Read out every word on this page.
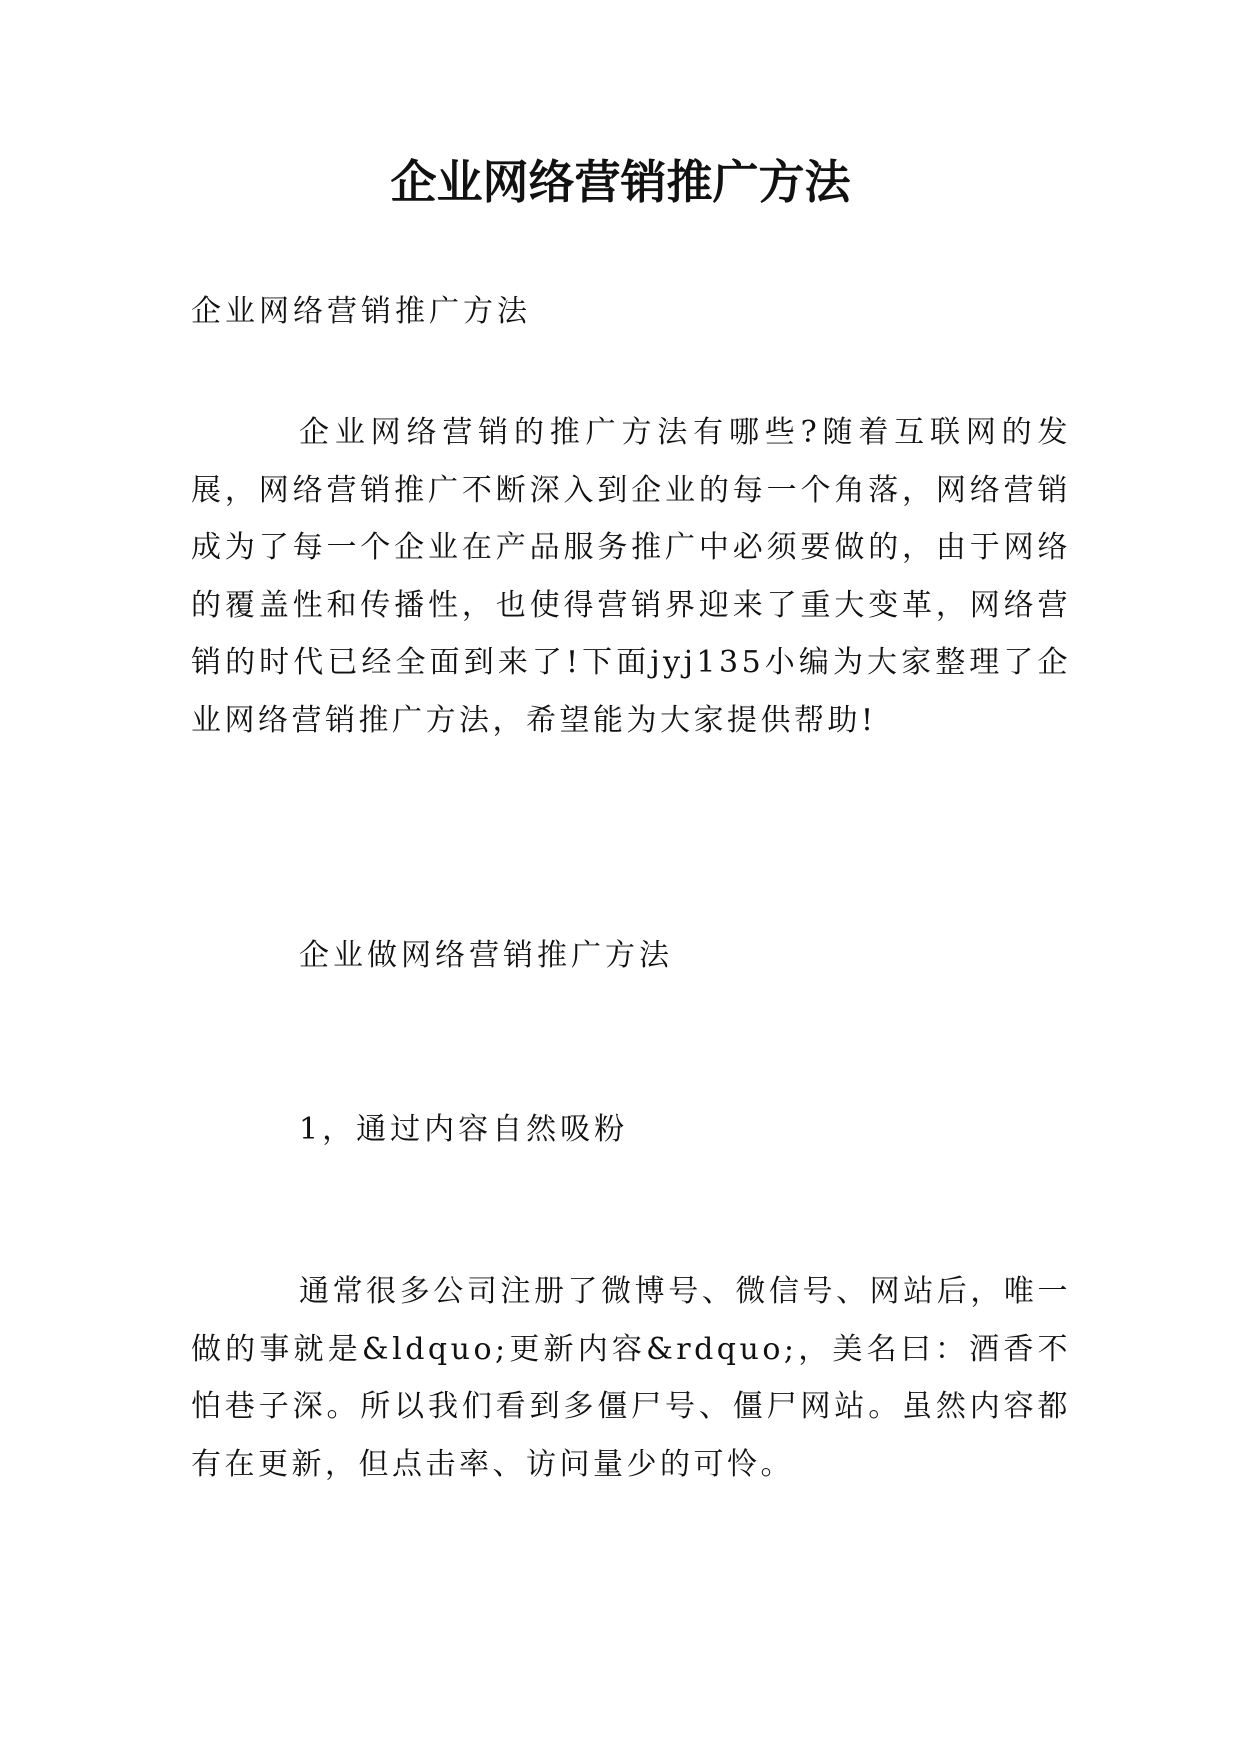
企业网络营销推广方法

企业网络营销推广方法

企业网络营销的推广方法有哪些?随着互联网的发展，网络营销推广不断深入到企业的每一个角落，网络营销成为了每一个企业在产品服务推广中必须要做的，由于网络的覆盖性和传播性，也使得营销界迎来了重大变革，网络营销的时代已经全面到来了!下面jyj135小编为大家整理了企业网络营销推广方法，希望能为大家提供帮助!

企业做网络营销推广方法

1，通过内容自然吸粉

通常很多公司注册了微博号、微信号、网站后，唯一做的事就是&ldquo;更新内容&rdquo;，美名曰：酒香不怕巷子深。所以我们看到多僵尸号、僵尸网站。虽然内容都有在更新，但点击率、访问量少的可怜。
